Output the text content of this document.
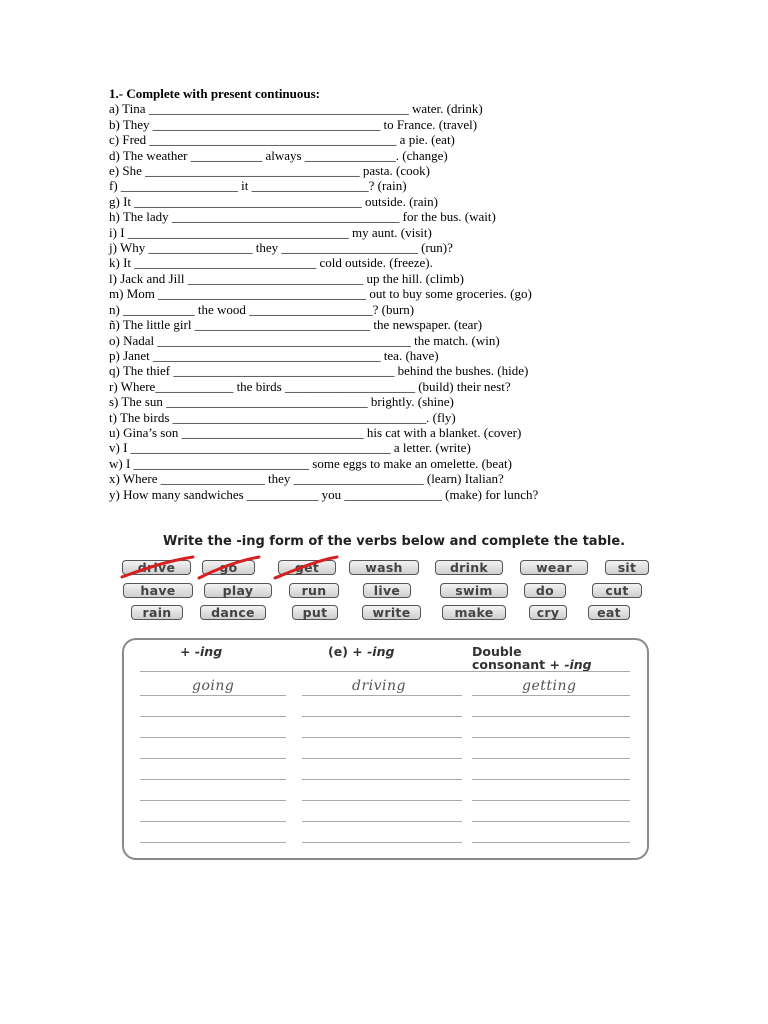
1.- Complete with present continuous:
a) Tina ________________________________________ water. (drink)
b) They ___________________________________ to France. (travel)
c) Fred ______________________________________ a pie. (eat)
d) The weather ___________ always ______________. (change)
e) She _________________________________ pasta. (cook)
f) __________________ it __________________? (rain)
g) It ___________________________________ outside. (rain)
h) The lady ___________________________________ for the bus. (wait)
i) I __________________________________ my aunt. (visit)
j) Why ________________ they _____________________ (run)?
k) It ____________________________ cold outside. (freeze).
l) Jack and Jill ___________________________ up the hill. (climb)
m) Mom ________________________________ out to buy some groceries. (go)
n) ___________ the wood ___________________? (burn)
ñ) The little girl ___________________________ the newspaper. (tear)
o) Nadal _______________________________________ the match. (win)
p) Janet ___________________________________ tea. (have)
q) The thief __________________________________ behind the bushes. (hide)
r) Where____________ the birds ____________________ (build) their nest?
s) The sun _______________________________ brightly. (shine)
t) The birds _______________________________________. (fly)
u) Gina’s son ____________________________ his cat with a blanket. (cover)
v) I ________________________________________ a letter. (write)
w) I ___________________________ some eggs to make an omelette. (beat)
x) Where ________________ they ____________________ (learn) Italian?
y) How many sandwiches ___________ you _______________ (make) for lunch?
Write the -ing form of the verbs below and complete the table.
drive	go	get	wash	drink	wear	sit
have	play	run	live	swim	do	cut
rain	dance	put	write	make	cry	eat
+ -ing	(e) + -ing	Double
consonant + -ing
going	driving	getting
